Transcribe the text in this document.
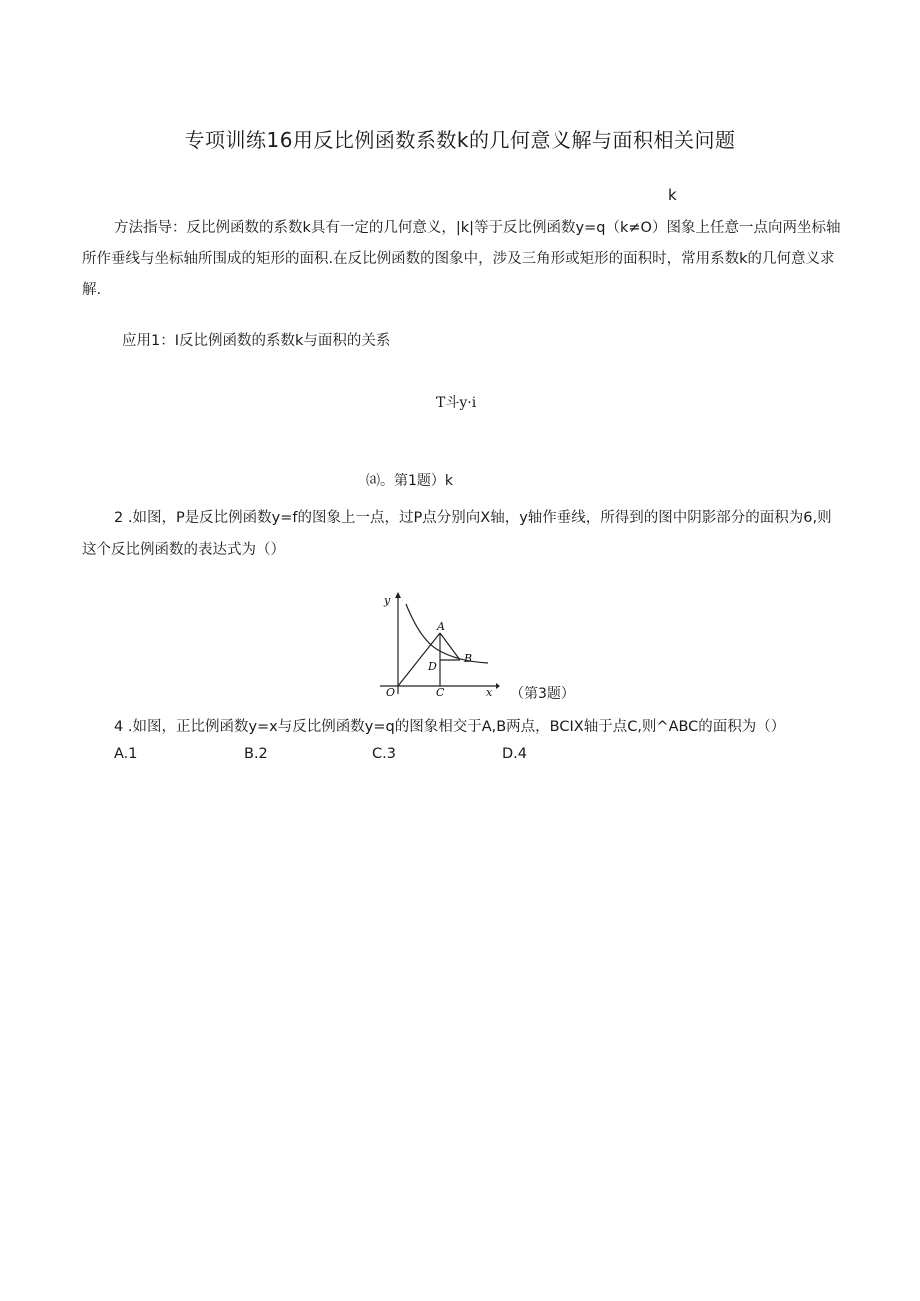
专项训练16用反比例函数系数k的几何意义解与面积相关问题
k
方法指导：反比例函数的系数k具有一定的几何意义，|k|等于反比例函数y=q（k≠O）图象上任意一点向两坐标轴所作垂线与坐标轴所围成的矩形的面积.在反比例函数的图象中，涉及三角形或矩形的面积时，常用系数k的几何意义求解.
应用1：I反比例函数的系数k与面积的关系
T斗y·i
⒜。第1题）k
2 .如图，P是反比例函数y=f的图象上一点，过P点分别向X轴，y轴作垂线，所得到的图中阴影部分的面积为6,则这个反比例函数的表达式为（）
y
x
O
A
B
C
D
（第3题）
4 .如图，正比例函数y=x与反比例函数y=q的图象相交于A,B两点，BCIX轴于点C,则^ABC的面积为（）
A.1	B.2	C.3	D.4
